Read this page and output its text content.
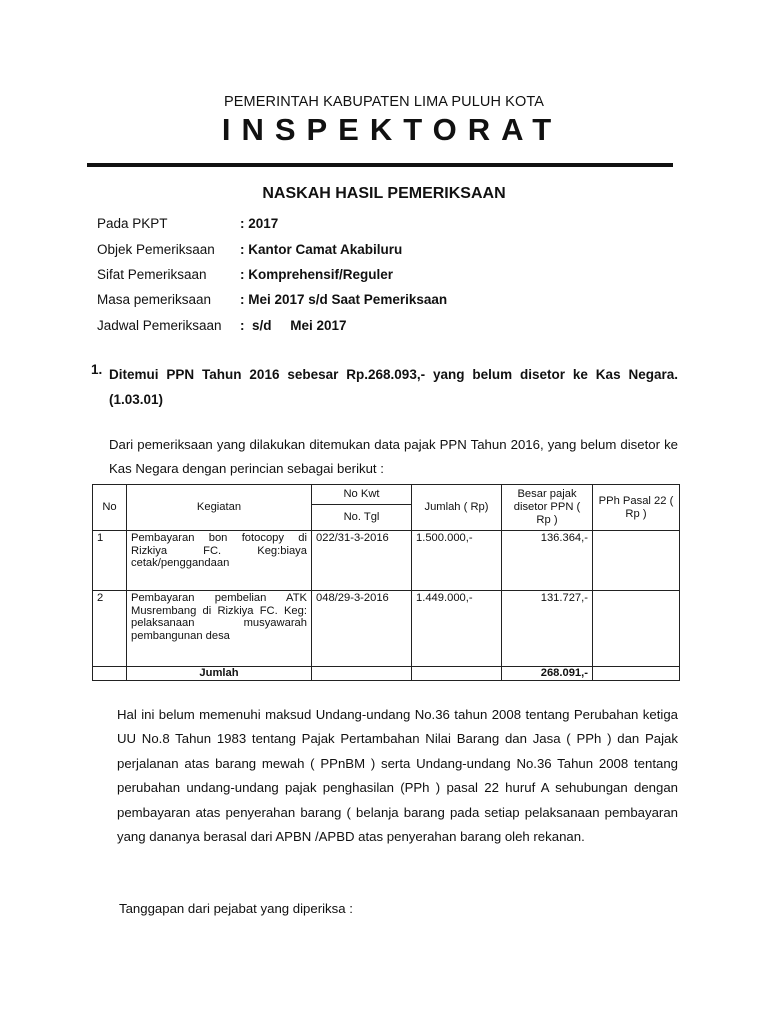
PEMERINTAH KABUPATEN LIMA PULUH KOTA
INSPEKTORAT
NASKAH HASIL PEMERIKSAAN
Pada PKPT	: 2017
Objek Pemeriksaan : Kantor Camat Akabiluru
Sifat Pemeriksaan : Komprehensif/Reguler
Masa pemeriksaan : Mei 2017 s/d Saat Pemeriksaan
Jadwal Pemeriksaan :  s/d     Mei 2017
1. Ditemui PPN Tahun 2016 sebesar Rp.268.093,- yang belum disetor ke Kas Negara. (1.03.01)
Dari pemeriksaan yang dilakukan ditemukan data pajak PPN Tahun 2016, yang belum disetor ke Kas Negara dengan perincian sebagai berikut :
No	Kegiatan	No Kwt	Jumlah ( Rp)	Besar pajak disetor PPN ( Rp )	PPh Pasal 22 ( Rp )
		No. Tgl			
1	Pembayaran bon fotocopy di Rizkiya FC. Keg:biaya cetak/penggandaan	022/31-3-2016	1.500.000,-	136.364,-	
2	Pembayaran pembelian ATK Musrembang di Rizkiya FC. Keg: pelaksanaan musyawarah pembangunan desa	048/29-3-2016	1.449.000,-	131.727,-	
	Jumlah			268.091,-	
Hal ini belum memenuhi maksud Undang-undang No.36 tahun 2008 tentang Perubahan ketiga UU No.8 Tahun 1983 tentang Pajak Pertambahan Nilai Barang dan Jasa ( PPh ) dan Pajak perjalanan atas barang mewah ( PPnBM ) serta Undang-undang No.36 Tahun 2008 tentang perubahan undang-undang pajak penghasilan (PPh ) pasal 22 huruf A sehubungan dengan pembayaran atas penyerahan barang ( belanja barang pada setiap pelaksanaan pembayaran yang dananya berasal dari APBN /APBD atas penyerahan barang oleh rekanan.
Tanggapan dari pejabat yang diperiksa :
